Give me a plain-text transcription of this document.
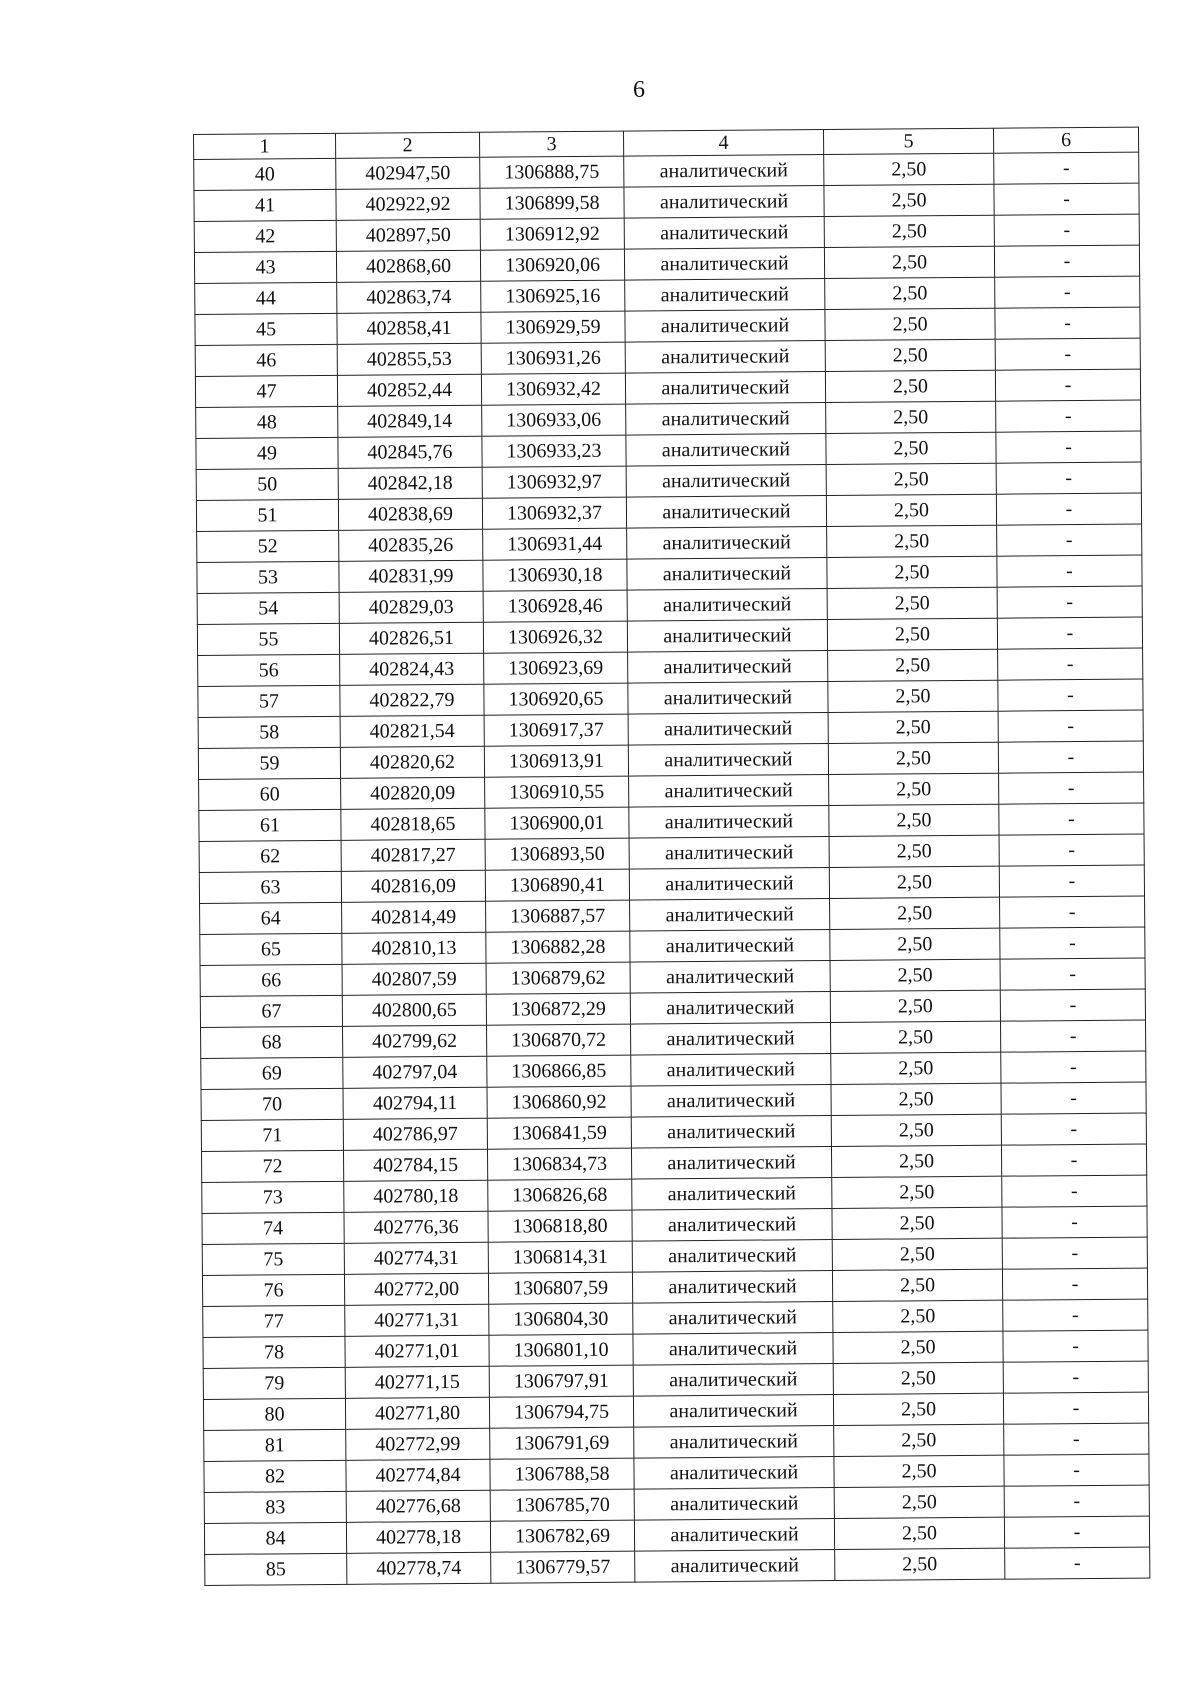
6
1	2	3	4	5	6
40	402947,50	1306888,75	аналитический	2,50	-
41	402922,92	1306899,58	аналитический	2,50	-
42	402897,50	1306912,92	аналитический	2,50	-
43	402868,60	1306920,06	аналитический	2,50	-
44	402863,74	1306925,16	аналитический	2,50	-
45	402858,41	1306929,59	аналитический	2,50	-
46	402855,53	1306931,26	аналитический	2,50	-
47	402852,44	1306932,42	аналитический	2,50	-
48	402849,14	1306933,06	аналитический	2,50	-
49	402845,76	1306933,23	аналитический	2,50	-
50	402842,18	1306932,97	аналитический	2,50	-
51	402838,69	1306932,37	аналитический	2,50	-
52	402835,26	1306931,44	аналитический	2,50	-
53	402831,99	1306930,18	аналитический	2,50	-
54	402829,03	1306928,46	аналитический	2,50	-
55	402826,51	1306926,32	аналитический	2,50	-
56	402824,43	1306923,69	аналитический	2,50	-
57	402822,79	1306920,65	аналитический	2,50	-
58	402821,54	1306917,37	аналитический	2,50	-
59	402820,62	1306913,91	аналитический	2,50	-
60	402820,09	1306910,55	аналитический	2,50	-
61	402818,65	1306900,01	аналитический	2,50	-
62	402817,27	1306893,50	аналитический	2,50	-
63	402816,09	1306890,41	аналитический	2,50	-
64	402814,49	1306887,57	аналитический	2,50	-
65	402810,13	1306882,28	аналитический	2,50	-
66	402807,59	1306879,62	аналитический	2,50	-
67	402800,65	1306872,29	аналитический	2,50	-
68	402799,62	1306870,72	аналитический	2,50	-
69	402797,04	1306866,85	аналитический	2,50	-
70	402794,11	1306860,92	аналитический	2,50	-
71	402786,97	1306841,59	аналитический	2,50	-
72	402784,15	1306834,73	аналитический	2,50	-
73	402780,18	1306826,68	аналитический	2,50	-
74	402776,36	1306818,80	аналитический	2,50	-
75	402774,31	1306814,31	аналитический	2,50	-
76	402772,00	1306807,59	аналитический	2,50	-
77	402771,31	1306804,30	аналитический	2,50	-
78	402771,01	1306801,10	аналитический	2,50	-
79	402771,15	1306797,91	аналитический	2,50	-
80	402771,80	1306794,75	аналитический	2,50	-
81	402772,99	1306791,69	аналитический	2,50	-
82	402774,84	1306788,58	аналитический	2,50	-
83	402776,68	1306785,70	аналитический	2,50	-
84	402778,18	1306782,69	аналитический	2,50	-
85	402778,74	1306779,57	аналитический	2,50	-
